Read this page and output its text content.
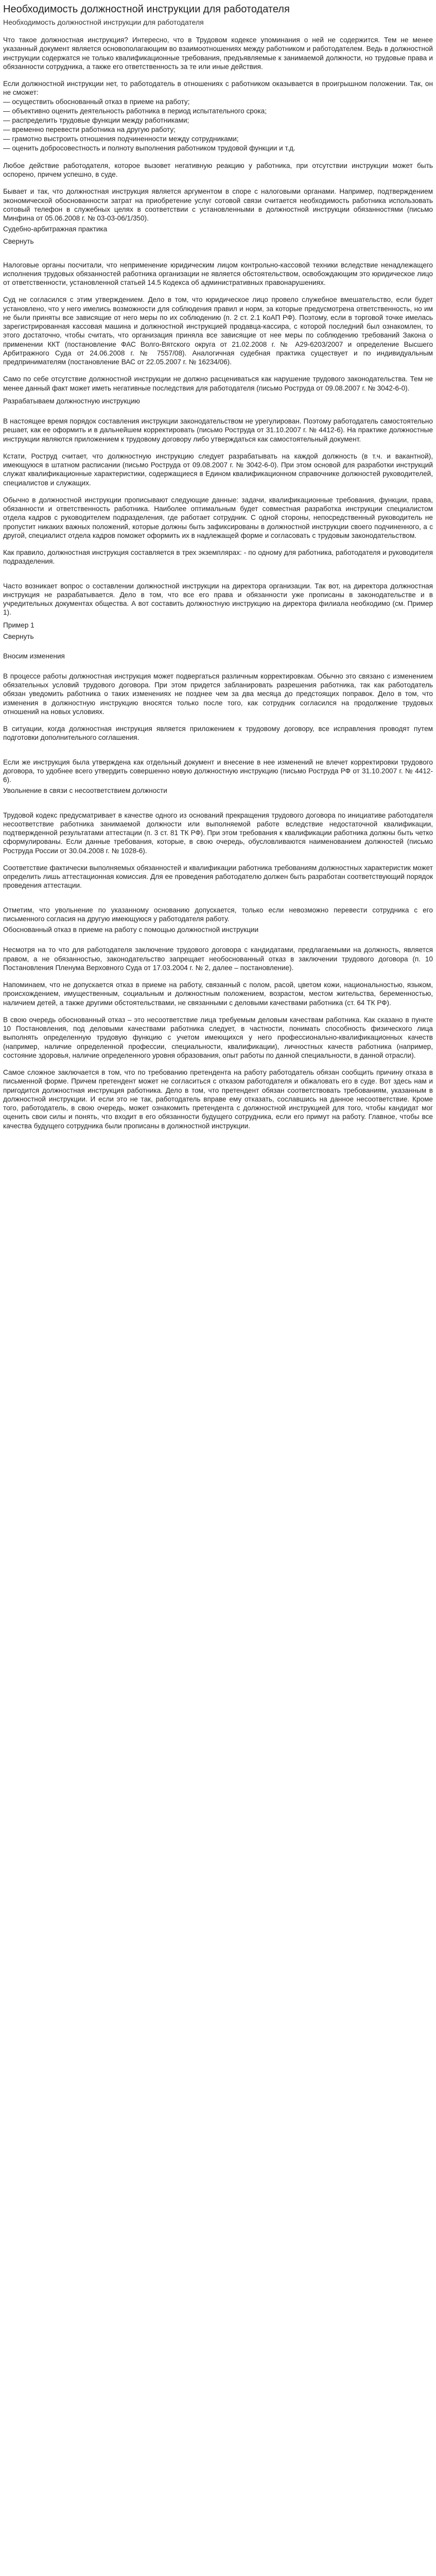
Необходимость должностной инструкции для работодателя
Необходимость должностной инструкции для работодателя

Что такое должностная инструкция? Интересно, что в Трудовом кодексе упоминания о ней не содержится. Тем не менее указанный документ является основополагающим во взаимоотношениях между работником и работодателем. Ведь в должностной инструкции содержатся не только квалификационные требования, предъявляемые к занимаемой должности, но трудовые права и обязанности сотрудника, а также его ответственность за те или иные действия.

Если должностной инструкции нет, то работодатель в отношениях с работником оказывается в проигрышном положении. Так, он не сможет:

— осуществить обоснованный отказ в приеме на работу;
— объективно оценить деятельность работника в период испытательного срока;
— распределить трудовые функции между работниками;
— временно перевести работника на другую работу;
— грамотно выстроить отношения подчиненности между сотрудниками;
— оценить добросовестность и полноту выполнения работником трудовой функции и т.д.

Любое действие работодателя, которое вызовет негативную реакцию у работника, при отсутствии инструкции может быть оспорено, причем успешно, в суде.

Бывает и так, что должностная инструкция является аргументом в споре с налоговыми органами. Например, подтверждением экономической обоснованности затрат на приобретение услуг сотовой связи считается необходимость работника использовать сотовый телефон в служебных целях в соответствии с установленными в должностной инструкции обязанностями (письмо Минфина от 05.06.2008 г. № 03-03-06/1/350).

Судебно-арбитражная практика
Свернуть

Налоговые органы посчитали, что неприменение юридическим лицом контрольно-кассовой техники вследствие ненадлежащего исполнения трудовых обязанностей работника организации не является обстоятельством, освобождающим это юридическое лицо от ответственности, установленной статьей 14.5 Кодекса об административных правонарушениях.

Суд не согласился с этим утверждением. Дело в том, что юридическое лицо провело служебное вмешательство, если будет установлено, что у него имелись возможности для соблюдения правил и норм, за которые предусмотрена ответственность, но им не были приняты все зависящие от него меры по их соблюдению (п. 2 ст. 2.1 КоАП РФ). Поэтому, если в торговой точке имелась зарегистрированная кассовая машина и должностной инструкцией продавца-кассира, с которой последний был ознакомлен, то этого достаточно, чтобы считать, что организация приняла все зависящие от нее меры по соблюдению требований Закона о применении ККТ (постановление ФАС Волго-Вятского округа от 21.02.2008 г. № А29-6203/2007 и определение Высшего Арбитражного Суда от 24.06.2008 г. № 7557/08). Аналогичная судебная практика существует и по индивидуальным предпринимателям (постановление ВАС от 22.05.2007 г. № 16234/06).

Само по себе отсутствие должностной инструкции не должно расцениваться как нарушение трудового законодательства. Тем не менее данный факт может иметь негативные последствия для работодателя (письмо Роструда от 09.08.2007 г. № 3042-6-0).

Разрабатываем должностную инструкцию

В настоящее время порядок составления инструкции законодательством не урегулирован. Поэтому работодатель самостоятельно решает, как ее оформить и в дальнейшем корректировать (письмо Роструда от 31.10.2007 г. № 4412-6). На практике должностные инструкции являются приложением к трудовому договору либо утверждаться как самостоятельный документ.

Кстати, Роструд считает, что должностную инструкцию следует разрабатывать на каждой должность (в т.ч. и вакантной), имеющуюся в штатном расписании (письмо Роструда от 09.08.2007 г. № 3042-6-0). При этом основой для разработки инструкций служат квалификационные характеристики, содержащиеся в Едином квалификационном справочнике должностей руководителей, специалистов и служащих.

Обычно в должностной инструкции прописывают следующие данные: задачи, квалификационные требования, функции, права, обязанности и ответственность работника. Наиболее оптимальным будет совместная разработка инструкции специалистом отдела кадров с руководителем подразделения, где работает сотрудник. С одной стороны, непосредственный руководитель не пропустит никаких важных положений, которые должны быть зафиксированы в должностной инструкции своего подчиненного, а с другой, специалист отдела кадров поможет оформить их в надлежащей форме и согласовать с трудовым законодательством.

Как правило, должностная инструкция составляется в трех экземплярах: - по одному для работника, работодателя и руководителя подразделения.

Часто возникает вопрос о составлении должностной инструкции на директора организации. Так вот, на директора должностная инструкция не разрабатывается. Дело в том, что все его права и обязанности уже прописаны в законодательстве и в учредительных документах общества. А вот составить должностную инструкцию на директора филиала необходимо (см. Пример 1).

Пример 1
Свернуть
Вносим изменения

В процессе работы должностная инструкция может подвергаться различным корректировкам. Обычно это связано с изменением обязательных условий трудового договора. При этом придется забланировать разрешения работника, так как работодатель обязан уведомить работника о таких изменениях не позднее чем за два месяца до предстоящих поправок. Дело в том, что изменения в должностную инструкцию вносятся только после того, как сотрудник согласился на продолжение трудовых отношений на новых условиях.

В ситуации, когда должностная инструкция является приложением к трудовому договору, все исправления проводят путем подготовки дополнительного соглашения.

Если же инструкция была утверждена как отдельный документ и внесение в нее изменений не влечет корректировки трудового договора, то удобнее всего утвердить совершенно новую должностную инструкцию (письмо Роструда РФ от 31.10.2007 г. № 4412-6).

Увольнение в связи с несоответствием должности

Трудовой кодекс предусматривает в качестве одного из оснований прекращения трудового договора по инициативе работодателя несоответствие работника занимаемой должности или выполняемой работе вследствие недостаточной квалификации, подтвержденной результатами аттестации (п. 3 ст. 81 ТК РФ). При этом требования к квалификации работника должны быть четко сформулированы. Если данные требования, которые, в свою очередь, обусловливаются наименованием должностей (письмо Роструда России от 30.04.2008 г. № 1028-6).

Соответствие фактически выполняемых обязанностей и квалификации работника требованиям должностных характеристик может определить лишь аттестационная комиссия. Для ее проведения работодателю должен быть разработан соответствующий порядок проведения аттестации.

Отметим, что увольнение по указанному основанию допускается, только если невозможно перевести сотрудника с его письменного согласия на другую имеющуюся у работодателя работу.

Обоснованный отказ в приеме на работу с помощью должностной инструкции

Несмотря на то что для работодателя заключение трудового договора с кандидатами, предлагаемыми на должность, является правом, а не обязанностью, законодательство запрещает необоснованный отказ в заключении трудового договора (п. 10 Постановления Пленума Верховного Суда от 17.03.2004 г. № 2, далее – постановление).

Напоминаем, что не допускается отказ в приеме на работу, связанный с полом, расой, цветом кожи, национальностью, языком, происхождением, имущественным, социальным и должностным положением, возрастом, местом жительства, беременностью, наличием детей, а также другими обстоятельствами, не связанными с деловыми качествами работника (ст. 64 ТК РФ).

В свою очередь обоснованный отказ – это несоответствие лица требуемым деловым качествам работника. Как сказано в пункте 10 Постановления, под деловыми качествами работника следует, в частности, понимать способность физического лица выполнять определенную трудовую функцию с учетом имеющихся у него профессионально-квалификационных качеств (например, наличие определенной профессии, специальности, квалификации), личностных качеств работника (например, состояние здоровья, наличие определенного уровня образования, опыт работы по данной специальности, в данной отрасли).

Самое сложное заключается в том, что по требованию претендента на работу работодатель обязан сообщить причину отказа в письменной форме. Причем претендент может не согласиться с отказом работодателя и обжаловать его в суде. Вот здесь нам и пригодится должностная инструкция работника. Дело в том, что претендент обязан соответствовать требованиям, указанным в должностной инструкции. И если это не так, работодатель вправе ему отказать, сославшись на данное несоответствие. Кроме того, работодатель, в свою очередь, может ознакомить претендента с должностной инструкцией для того, чтобы кандидат мог оценить свои силы и понять, что входит в его обязанности будущего сотрудника, если его примут на работу. Главное, чтобы все качества будущего сотрудника были прописаны в должностной инструкции.
